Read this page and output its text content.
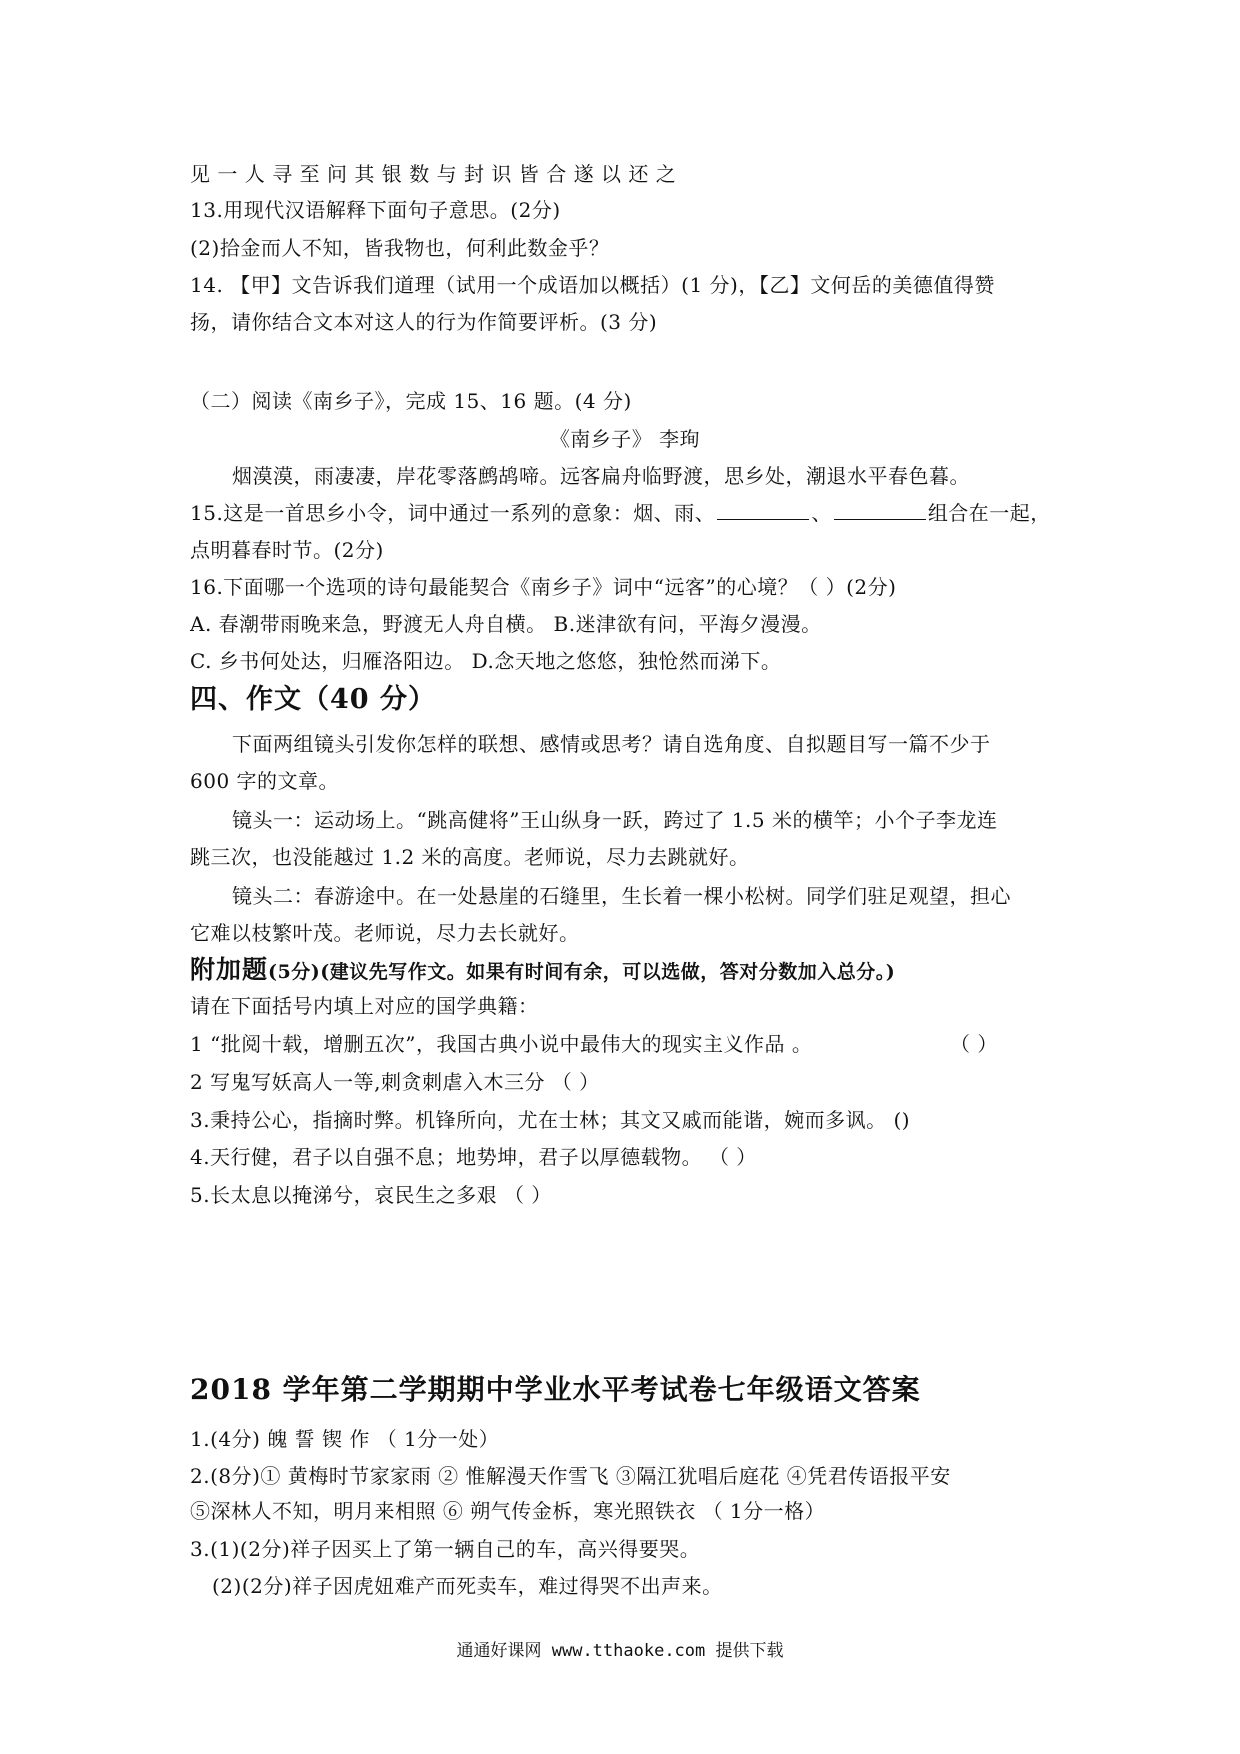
见一人寻至问其银数与封识皆合遂以还之
13.用现代汉语解释下面句子意思。(2分)
(2)拾金而人不知，皆我物也，何利此数金乎？
14. 【甲】文告诉我们道理（试用一个成语加以概括）(1 分)，【乙】文何岳的美德值得赞
扬，请你结合文本对这人的行为作简要评析。(3 分)
（二）阅读《南乡子》，完成 15、16 题。(4 分)
《南乡子》 李珣
烟漠漠，雨凄凄，岸花零落鹧鸪啼。远客扁舟临野渡，思乡处，潮退水平春色暮。
15.这是一首思乡小令，词中通过一系列的意象：烟、雨、	、	组合在一起，
点明暮春时节。(2分)
16.下面哪一个选项的诗句最能契合《南乡子》词中“远客”的心境？（ ）(2分)
A. 春潮带雨晚来急，野渡无人舟自横。 B.迷津欲有问，平海夕漫漫。
C. 乡书何处达，归雁洛阳边。 D.念天地之悠悠，独怆然而涕下。
四、作文（40 分）
下面两组镜头引发你怎样的联想、感情或思考？请自选角度、自拟题目写一篇不少于
600 字的文章。
镜头一：运动场上。“跳高健将”王山纵身一跃，跨过了 1.5 米的横竿；小个子李龙连
跳三次，也没能越过 1.2 米的高度。老师说，尽力去跳就好。
镜头二：春游途中。在一处悬崖的石缝里，生长着一棵小松树。同学们驻足观望，担心
它难以枝繁叶茂。老师说，尽力去长就好。
附加题(5分)(建议先写作文。如果有时间有余，可以选做，答对分数加入总分。)
请在下面括号内填上对应的国学典籍：
1 “批阅十载，增删五次”，我国古典小说中最伟大的现实主义作品 。	（ ）
2 写鬼写妖高人一等,刺贪刺虐入木三分 （ ）
3.秉持公心，指摘时弊。机锋所向，尤在士林；其文又戚而能谐，婉而多讽。 ()
4.天行健，君子以自强不息；地势坤，君子以厚德载物。 （ ）
5.长太息以掩涕兮，哀民生之多艰 （ ）
2018 学年第二学期期中学业水平考试卷七年级语文答案
1.(4分) 魄 誓 锲 作 （ 1分一处）
2.(8分)① 黄梅时节家家雨 ② 惟解漫天作雪飞 ③隔江犹唱后庭花 ④凭君传语报平安
⑤深林人不知，明月来相照 ⑥ 朔气传金柝，寒光照铁衣 （ 1分一格）
3.(1)(2分)祥子因买上了第一辆自己的车，高兴得要哭。
(2)(2分)祥子因虎妞难产而死卖车，难过得哭不出声来。
通通好课网 www.tthaoke.com 提供下载
